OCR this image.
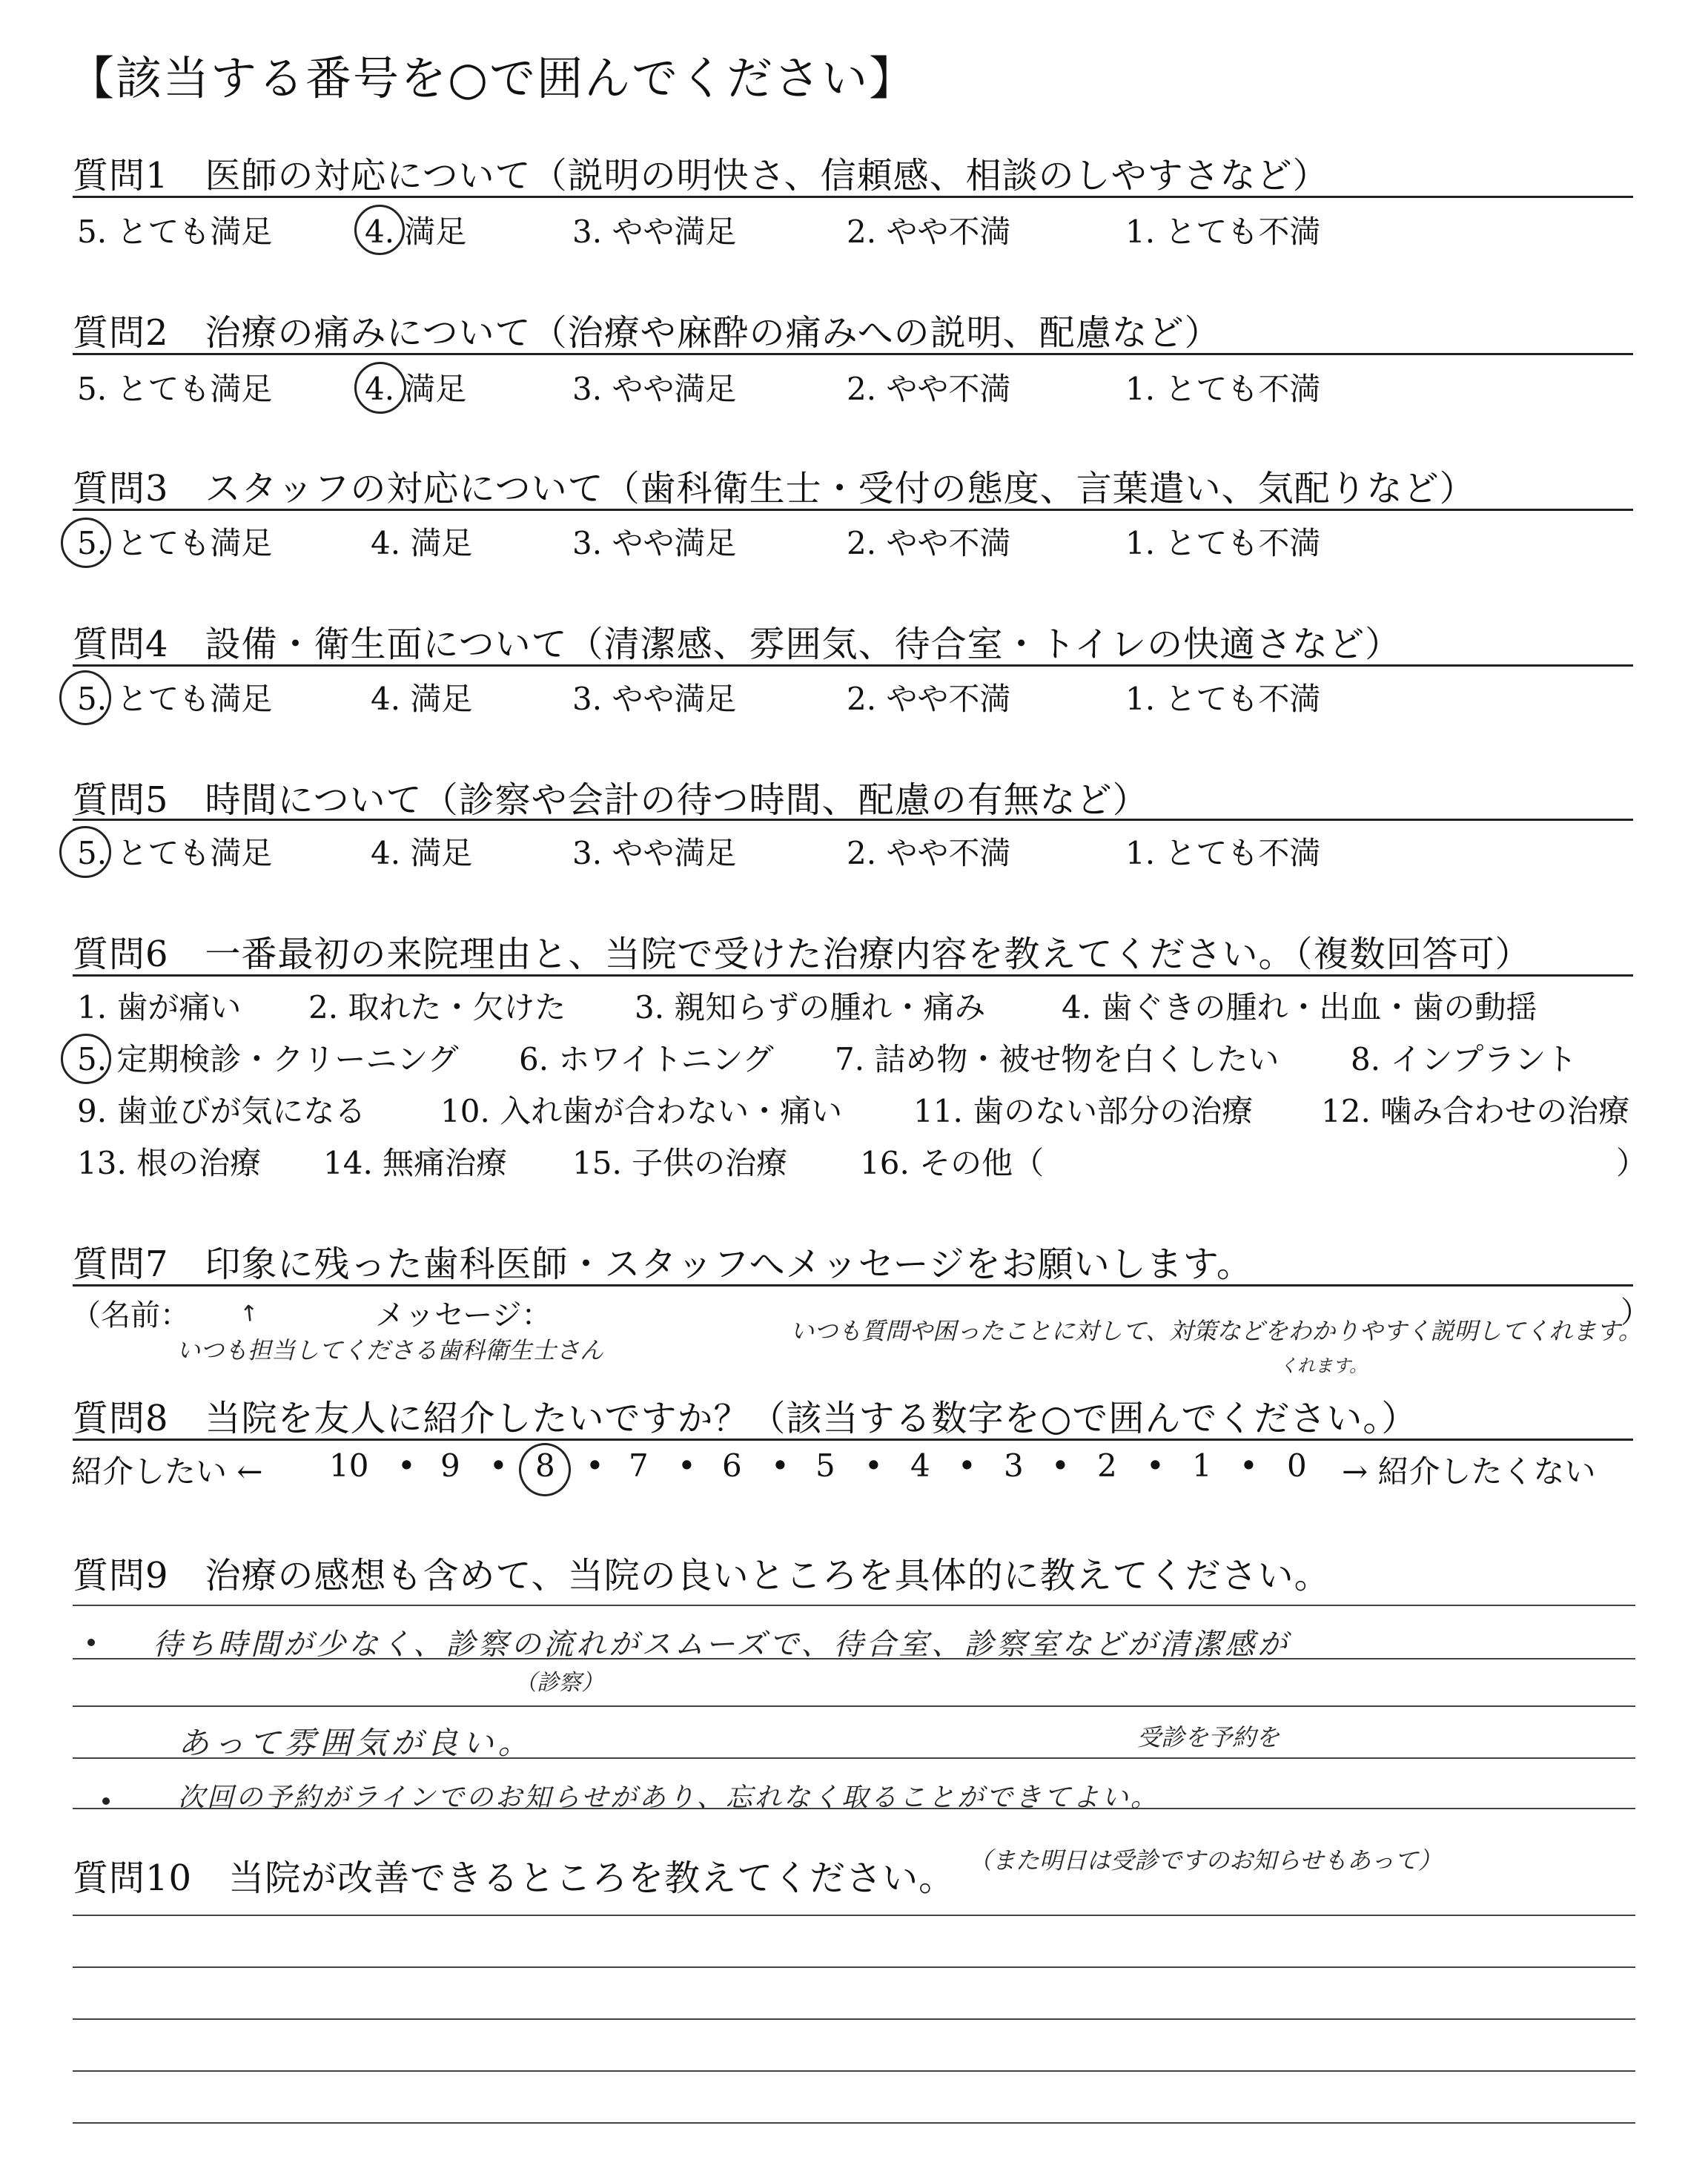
【該当する番号を○で囲んでください】
質問1　医師の対応について（説明の明快さ、信頼感、相談のしやすさなど）
5. とても満足	4. 満足	3. やや満足	2. やや不満	1. とても不満
質問2　治療の痛みについて（治療や麻酔の痛みへの説明、配慮など）
5. とても満足	4. 満足	3. やや満足	2. やや不満	1. とても不満
質問3　スタッフの対応について（歯科衛生士・受付の態度、言葉遣い、気配りなど）
5. とても満足	4. 満足	3. やや満足	2. やや不満	1. とても不満
質問4　設備・衛生面について（清潔感、雰囲気、待合室・トイレの快適さなど）
5. とても満足	4. 満足	3. やや満足	2. やや不満	1. とても不満
質問5　時間について（診察や会計の待つ時間、配慮の有無など）
5. とても満足	4. 満足	3. やや満足	2. やや不満	1. とても不満
質問6　一番最初の来院理由と、当院で受けた治療内容を教えてください。（複数回答可）
1. 歯が痛い 2. 取れた・欠けた 3. 親知らずの腫れ・痛み 4. 歯ぐきの腫れ・出血・歯の動揺
5. 定期検診・クリーニング 6. ホワイトニング 7. 詰め物・被せ物を白くしたい 8. インプラント
9. 歯並びが気になる 10. 入れ歯が合わない・痛い 11. 歯のない部分の治療 12. 噛み合わせの治療
13. 根の治療 14. 無痛治療 15. 子供の治療 16. その他（	）
質問7　印象に残った歯科医師・スタッフへメッセージをお願いします。
（名前：	メッセージ：	）
↑
いつも担当してくださる歯科衛生士さん
いつも質問や困ったことに対して、対策などをわかりやすく説明してくれます。
くれます。
質問8　当院を友人に紹介したいですか？（該当する数字を○で囲んでください。）
紹介したい ← 10 • 9 • 8 • 7 • 6 • 5 • 4 • 3 • 2 • 1 • 0 → 紹介したくない
質問9　治療の感想も含めて、当院の良いところを具体的に教えてください。
待ち時間が少なく、診察の流れがスムーズで、待合室、診察室などが清潔感が
（診察）
あって雰囲気が良い。	受診を予約を
次回の予約がラインでのお知らせがあり、忘れなく取ることができてよい。
質問10　当院が改善できるところを教えてください。 （また明日は受診ですのお知らせもあって）
